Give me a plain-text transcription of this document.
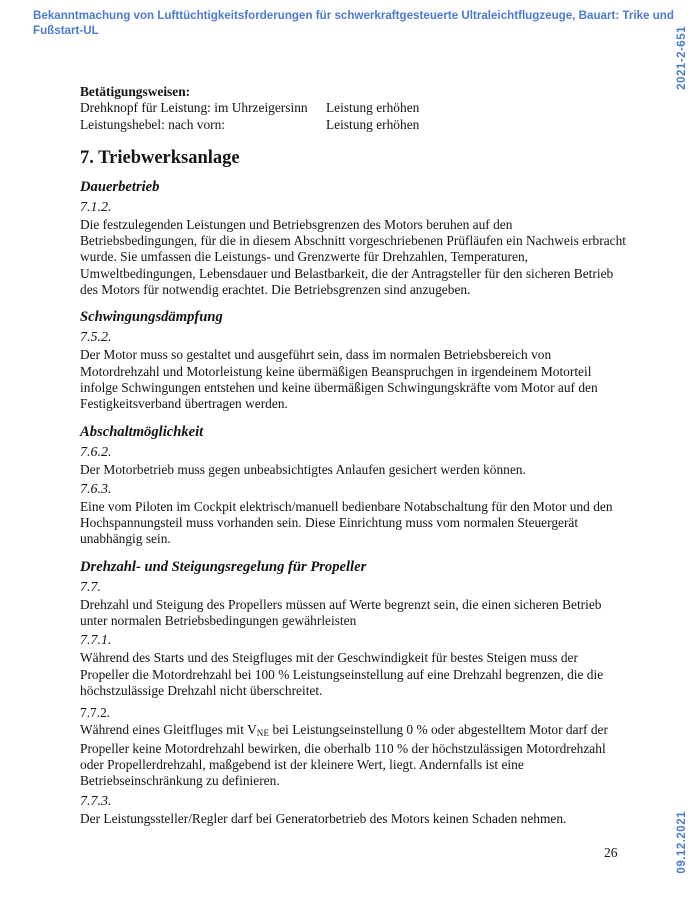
Bekanntmachung von Lufttüchtigkeitsforderungen für schwerkraftgesteuerte Ultraleichtflugzeuge, Bauart: Trike und Fußstart-UL	2021-2-651

Betätigungsweisen:

Drehknopf für Leistung: im Uhrzeigersinn	Leistung erhöhen
Leistungshebel: nach vorn:	Leistung erhöhen
7. Triebwerksanlage
Dauerbetrieb

7.1.2.

Die festzulegenden Leistungen und Betriebsgrenzen des Motors beruhen auf den Betriebsbedingungen, für die in diesem Abschnitt vorgeschriebenen Prüfläufen ein Nachweis erbracht wurde. Sie umfassen die Leistungs- und Grenzwerte für Drehzahlen, Temperaturen, Umweltbedingungen, Lebensdauer und Belastbarkeit, die der Antragsteller für den sicheren Betrieb des Motors für notwendig erachtet. Die Betriebsgrenzen sind anzugeben.

Schwingungsdämpfung

7.5.2.

Der Motor muss so gestaltet und ausgeführt sein, dass im normalen Betriebsbereich von Motordrehzahl und Motorleistung keine übermäßigen Beanspruchgen in irgendeinem Motorteil infolge Schwingungen entstehen und keine übermäßigen Schwingungskräfte vom Motor auf den Festigkeitsverband übertragen werden.

Abschaltmöglichkeit

7.6.2.

Der Motorbetrieb muss gegen unbeabsichtigtes Anlaufen gesichert werden können.

7.6.3.

Eine vom Piloten im Cockpit elektrisch/manuell bedienbare Notabschaltung für den Motor und den Hochspannungsteil muss vorhanden sein. Diese Einrichtung muss vom normalen Steuergerät unabhängig sein.

Drehzahl- und Steigungsregelung für Propeller

7.7.

Drehzahl und Steigung des Propellers müssen auf Werte begrenzt sein, die einen sicheren Betrieb unter normalen Betriebsbedingungen gewährleisten

7.7.1.

Während des Starts und des Steigfluges mit der Geschwindigkeit für bestes Steigen muss der Propeller die Motordrehzahl bei 100 % Leistungseinstellung auf eine Drehzahl begrenzen, die die höchstzulässige Drehzahl nicht überschreitet.

7.7.2.

Während eines Gleitfluges mit $V_{NE}$ bei Leistungseinstellung 0 % oder abgestelltem Motor darf der Propeller keine Motordrehzahl bewirken, die oberhalb 110 % der höchstzulässigen Motordrehzahl oder Propellerdrehzahl, maßgebend ist der kleinere Wert, liegt. Andernfalls ist eine Betriebseinschränkung zu definieren.

7.7.3.

Der Leistungssteller/Regler darf bei Generatorbetrieb des Motors keinen Schaden nehmen.

26	09.12.2021
